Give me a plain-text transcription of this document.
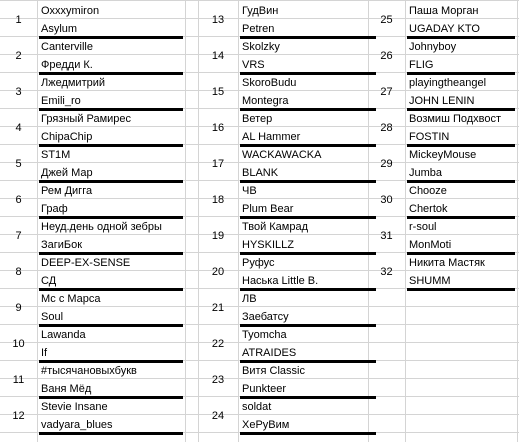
1
Oxxxymiron
Asylum
2
Canterville
Фредди К.
3
Лжедмитрий
Emili_ro
4
Грязный Рамирес
ChipaChip
5
ST1M
Джей Мар
6
Рем Дигга
Граф
7
Неуд.день одной зебры
ЗагиБок
8
DEEP-EX-SENSE
СД
9
Мс с Марса
Soul
10
Lawanda
If
11
#тысячановыхбукв
Ваня Мёд
12
Stevie Insane
vadyara_blues
13
ГудВин
Petren
14
Skolzky
VRS
15
SkoroBudu
Montegra
16
Ветер
AL Hammer
17
WACKAWACKA
BLANK
18
ЧВ
Plum Bear
19
Твой Камрад
HYSKILLZ
20
Руфус
Наська Little B.
21
ЛВ
Заебатсу
22
Tyomcha
ATRAIDES
23
Витя Classic
Punkteer
24
soldat
ХеРуВим
25
Паша Морган
UGADAY KTO
26
Johnyboy
FLIG
27
playingtheangel
JOHN LENIN
28
Возмиш Подхвост
FOSTIN
29
MickeyMouse
Jumba
30
Chooze
Chertok
31
r-soul
MonMoti
32
Никита Мастяк
SHUMM
